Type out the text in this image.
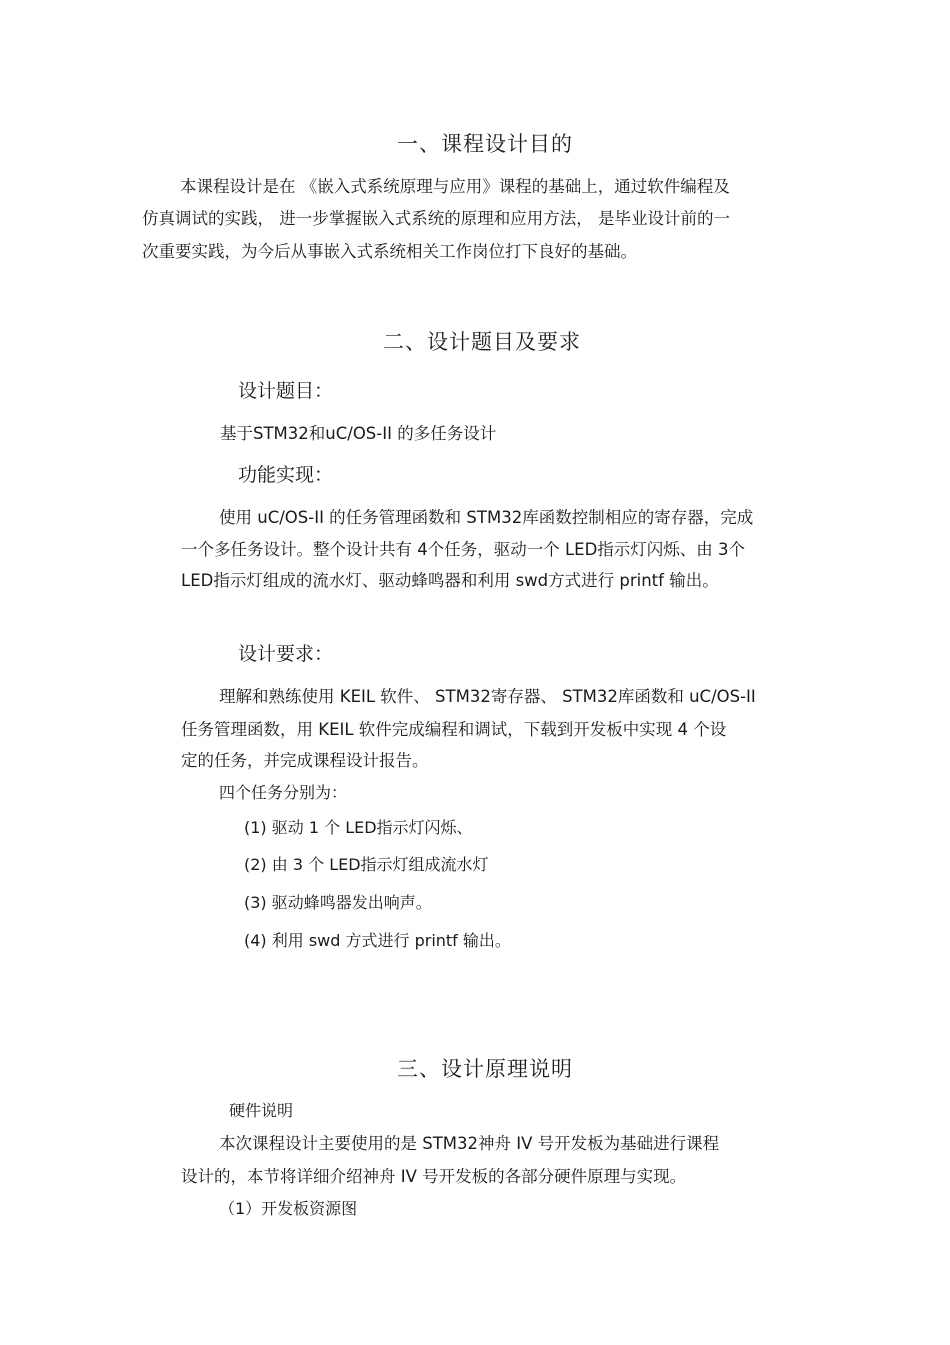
一、课程设计目的
本课程设计是在 《嵌入式系统原理与应用》课程的基础上，通过软件编程及
仿真调试的实践， 进一步掌握嵌入式系统的原理和应用方法， 是毕业设计前的一
次重要实践，为今后从事嵌入式系统相关工作岗位打下良好的基础。
二、设计题目及要求
设计题目：
基于STM32和uC/OS-II 的多任务设计
功能实现：
使用 uC/OS-II 的任务管理函数和 STM32库函数控制相应的寄存器，完成
一个多任务设计。整个设计共有 4个任务，驱动一个 LED指示灯闪烁、由 3个
LED指示灯组成的流水灯、驱动蜂鸣器和利用 swd方式进行 printf 输出。
设计要求：
理解和熟练使用 KEIL 软件、 STM32寄存器、 STM32库函数和 uC/OS-II
任务管理函数，用 KEIL 软件完成编程和调试，下载到开发板中实现 4 个设
定的任务，并完成课程设计报告。
四个任务分别为：
(1) 驱动 1 个 LED指示灯闪烁、
(2) 由 3 个 LED指示灯组成流水灯
(3) 驱动蜂鸣器发出响声。
(4) 利用 swd 方式进行 printf 输出。
三、设计原理说明
硬件说明
本次课程设计主要使用的是 STM32神舟 IV 号开发板为基础进行课程
设计的，本节将详细介绍神舟 IV 号开发板的各部分硬件原理与实现。
（1）开发板资源图
